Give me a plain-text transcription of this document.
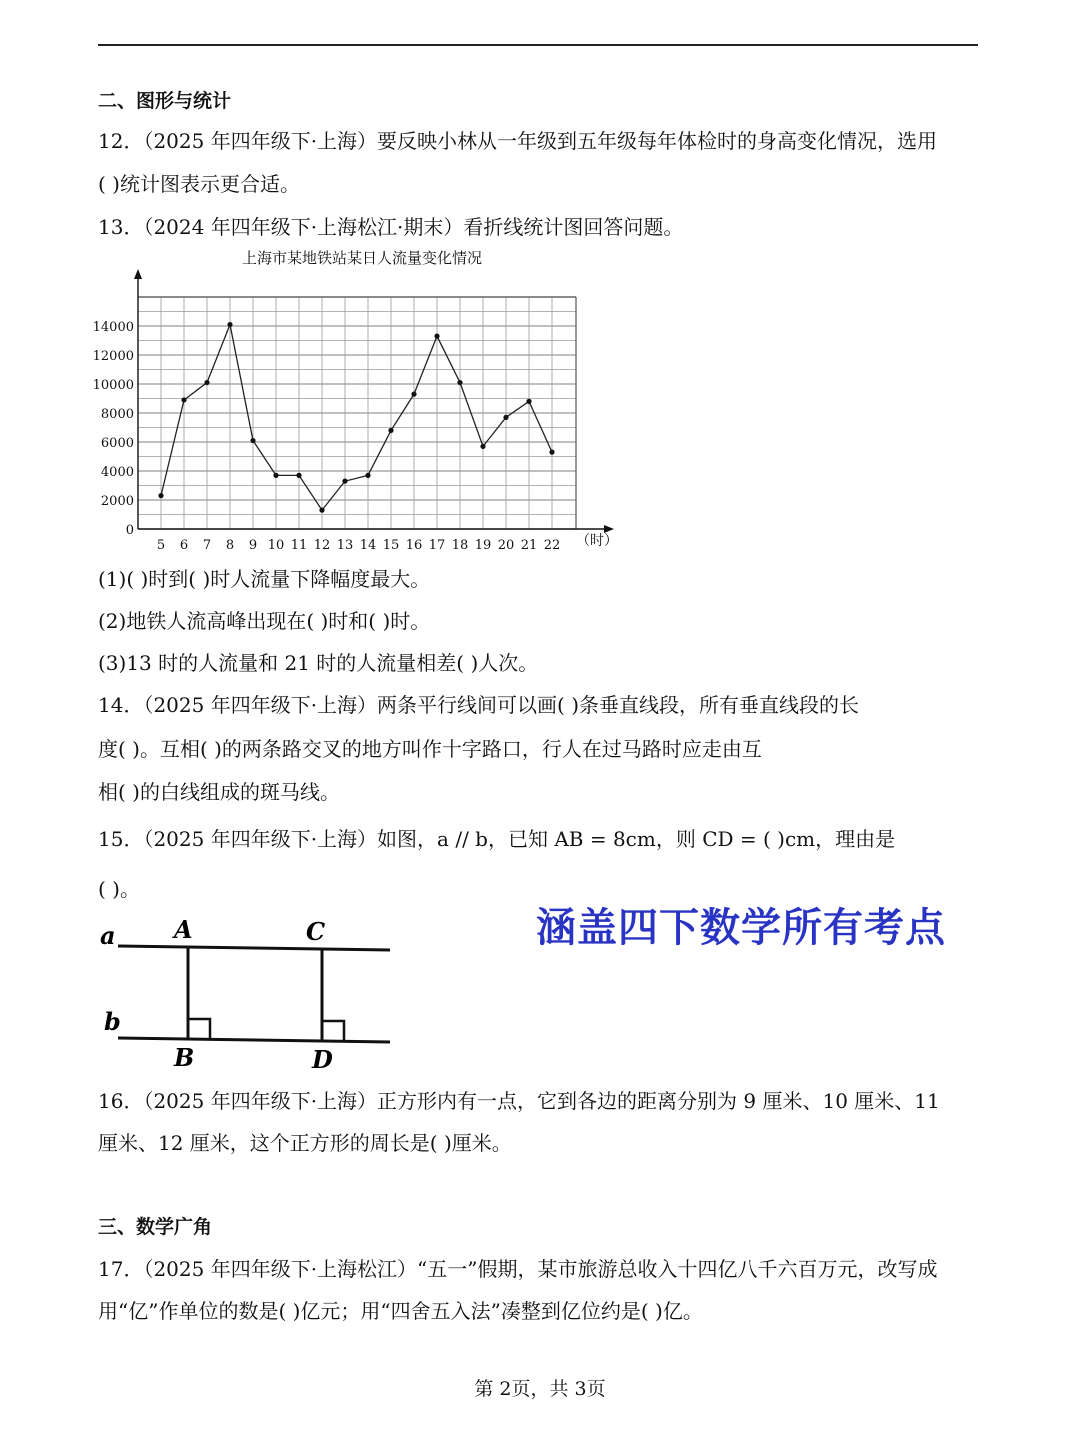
二、图形与统计
12．（2025 年四年级下·上海）要反映小林从一年级到五年级每年体检时的身高变化情况，选用
( )统计图表示更合适。
13．（2024 年四年级下·上海松江·期末）看折线统计图回答问题。
上海市某地铁站某日人流量变化情况
0
2000
4000
6000
8000
10000
12000
14000
5 6 7 8 9 10 11 12 13 14 15 16 17 18 19 20 21 22 （时）
(1)( )时到( )时人流量下降幅度最大。
(2)地铁人流高峰出现在( )时和( )时。
(3)13 时的人流量和 21 时的人流量相差( )人次。
14．（2025 年四年级下·上海）两条平行线间可以画( )条垂直线段，所有垂直线段的长
度( )。互相( )的两条路交叉的地方叫作十字路口，行人在过马路时应走由互
相( )的白线组成的斑马线。
15．（2025 年四年级下·上海）如图，a // b，已知 AB = 8cm，则 CD = ( )cm，理由是
( )。
a
b
A
B
C
D
涵盖四下数学所有考点
16．（2025 年四年级下·上海）正方形内有一点，它到各边的距离分别为 9 厘米、10 厘米、11
厘米、12 厘米，这个正方形的周长是( )厘米。
三、数学广角
17．（2025 年四年级下·上海松江）“五一”假期，某市旅游总收入十四亿八千六百万元，改写成
用“亿”作单位的数是( )亿元；用“四舍五入法”凑整到亿位约是( )亿。
第 2页，共 3页
